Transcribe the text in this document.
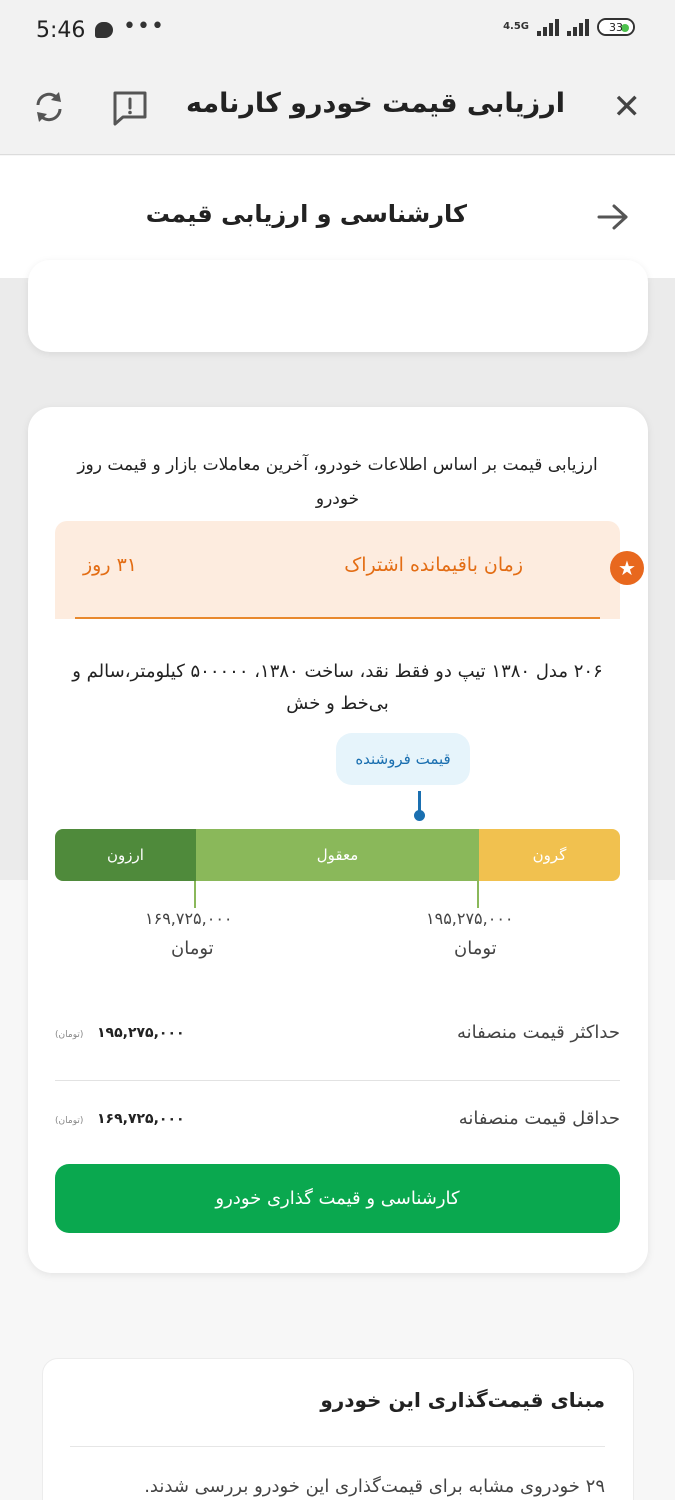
5:46 •••	4.5G	33
✕
ارزیابی قیمت خودرو کارنامه
کارشناسی و ارزیابی قیمت
ارزیابی قیمت بر اساس اطلاعات خودرو، آخرین معاملات بازار و قیمت روز خودرو
★
زمان باقیمانده اشتراک
۳۱ روز
۲۰۶ مدل ۱۳۸۰ تیپ دو فقط نقد، ساخت ۱۳۸۰، ۵۰۰۰۰۰ کیلومتر،سالم و بی‌خط و خش
قیمت فروشنده
ارزون	معقول	گرون
۱۶۹,۷۲۵,۰۰۰
تومان
۱۹۵,۲۷۵,۰۰۰
تومان
حداکثر قیمت منصفانه
۱۹۵,۲۷۵,۰۰۰
(تومان)
حداقل قیمت منصفانه
۱۶۹,۷۲۵,۰۰۰
(تومان)
کارشناسی و قیمت گذاری خودرو
مبنای قیمت‌گذاری این خودرو
۲۹ خودروی مشابه برای قیمت‌گذاری این خودرو بررسی شدند.
